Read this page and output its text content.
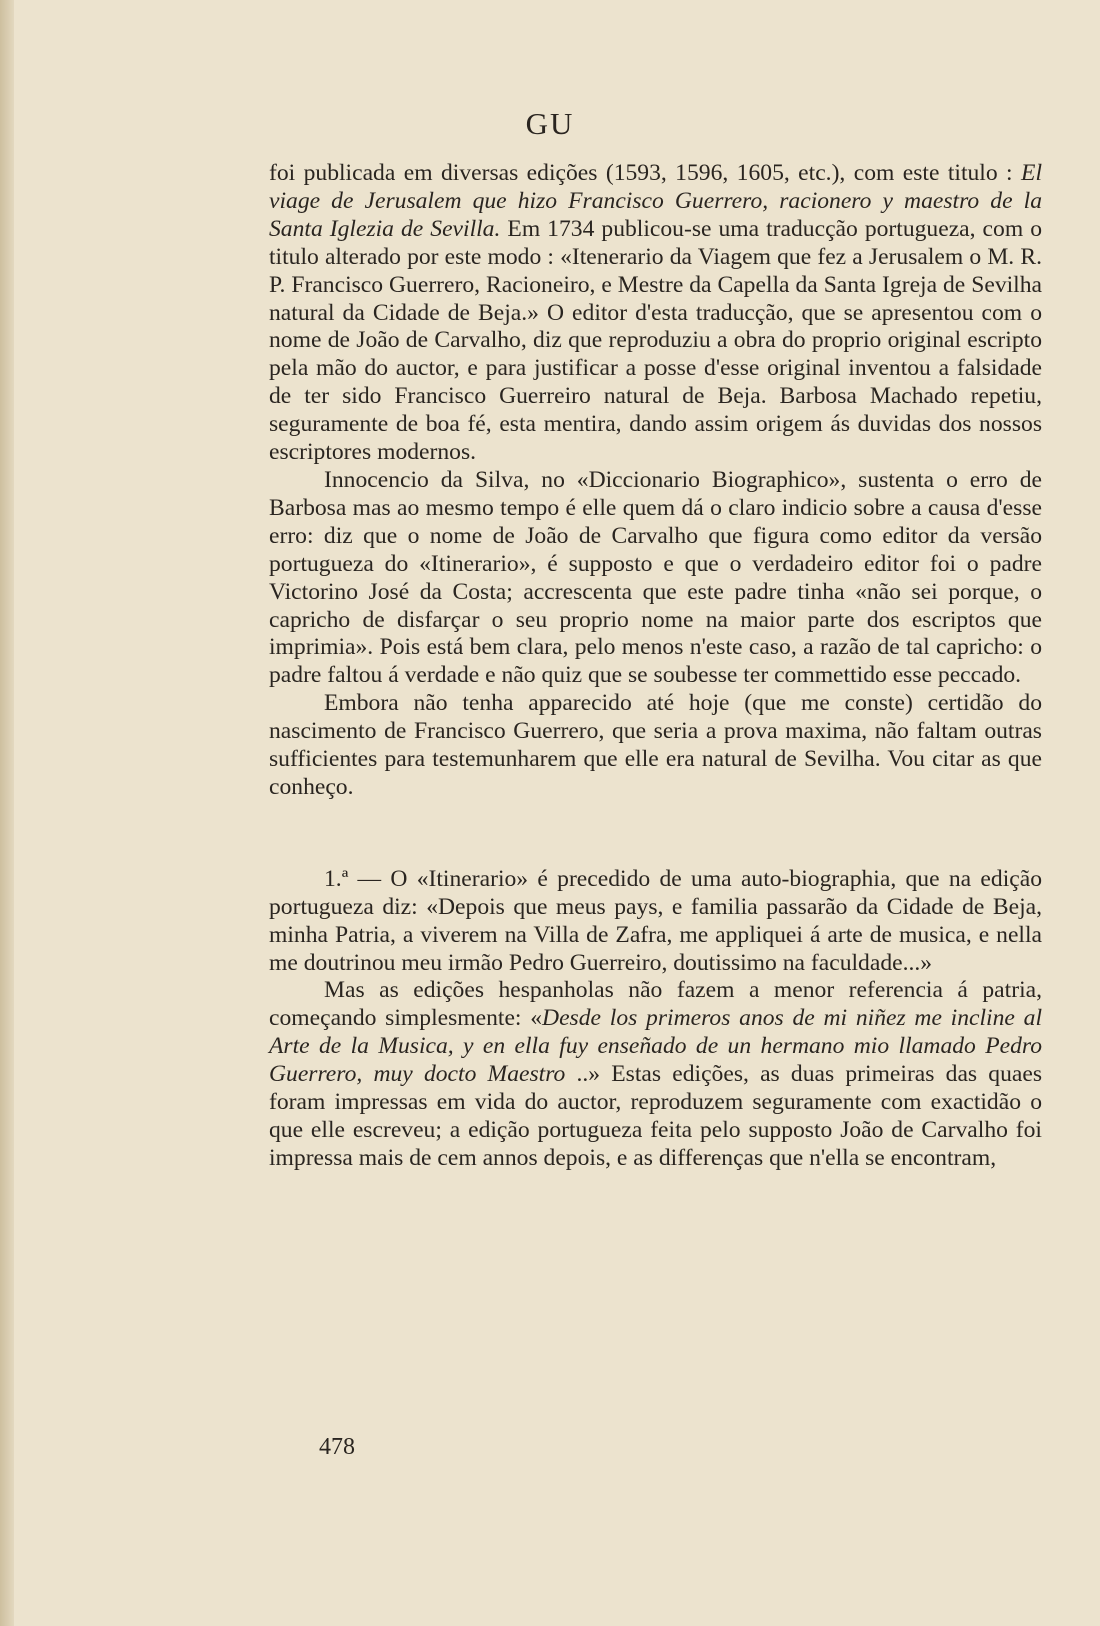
GU

foi publicada em diversas edições (1593, 1596, 1605, etc.), com este titulo : El viage de Jerusalem que hizo Francisco Guerrero, racionero y maestro de la Santa Iglezia de Sevilla. Em 1734 publicou-se uma traducção portugueza, com o titulo alterado por este modo : «Itenerario da Viagem que fez a Jerusalem o M. R. P. Francisco Guerrero, Racioneiro, e Mestre da Capella da Santa Igreja de Sevilha natural da Cidade de Beja.» O editor d'esta traducção, que se apresentou com o nome de João de Carvalho, diz que reproduziu a obra do proprio original escripto pela mão do auctor, e para justificar a posse d'esse original inventou a falsidade de ter sido Francisco Guerreiro natural de Beja. Barbosa Machado repetiu, seguramente de boa fé, esta mentira, dando assim origem ás duvidas dos nossos escriptores modernos.

Innocencio da Silva, no «Diccionario Biographico», sustenta o erro de Barbosa mas ao mesmo tempo é elle quem dá o claro indicio sobre a causa d'esse erro: diz que o nome de João de Carvalho que figura como editor da versão portugueza do «Itinerario», é supposto e que o verdadeiro editor foi o padre Victorino José da Costa; accrescenta que este padre tinha «não sei porque, o capricho de disfarçar o seu proprio nome na maior parte dos escriptos que imprimia». Pois está bem clara, pelo menos n'este caso, a razão de tal capricho: o padre faltou á verdade e não quiz que se soubesse ter commettido esse peccado.

Embora não tenha apparecido até hoje (que me conste) certidão do nascimento de Francisco Guerrero, que seria a prova maxima, não faltam outras sufficientes para testemunharem que elle era natural de Sevilha. Vou citar as que conheço.

1.ª — O «Itinerario» é precedido de uma auto-biographia, que na edição portugueza diz: «Depois que meus pays, e familia passarão da Cidade de Beja, minha Patria, a viverem na Villa de Zafra, me appliquei á arte de musica, e nella me doutrinou meu irmão Pedro Guerreiro, doutissimo na faculdade...»

Mas as edições hespanholas não fazem a menor referencia á patria, começando simplesmente: «Desde los primeros anos de mi niñez me incline al Arte de la Musica, y en ella fuy enseñado de un hermano mio llamado Pedro Guerrero, muy docto Maestro ..» Estas edições, as duas primeiras das quaes foram impressas em vida do auctor, reproduzem seguramente com exactidão o que elle escreveu; a edição portugueza feita pelo supposto João de Carvalho foi impressa mais de cem annos depois, e as differenças que n'ella se encontram,

478
